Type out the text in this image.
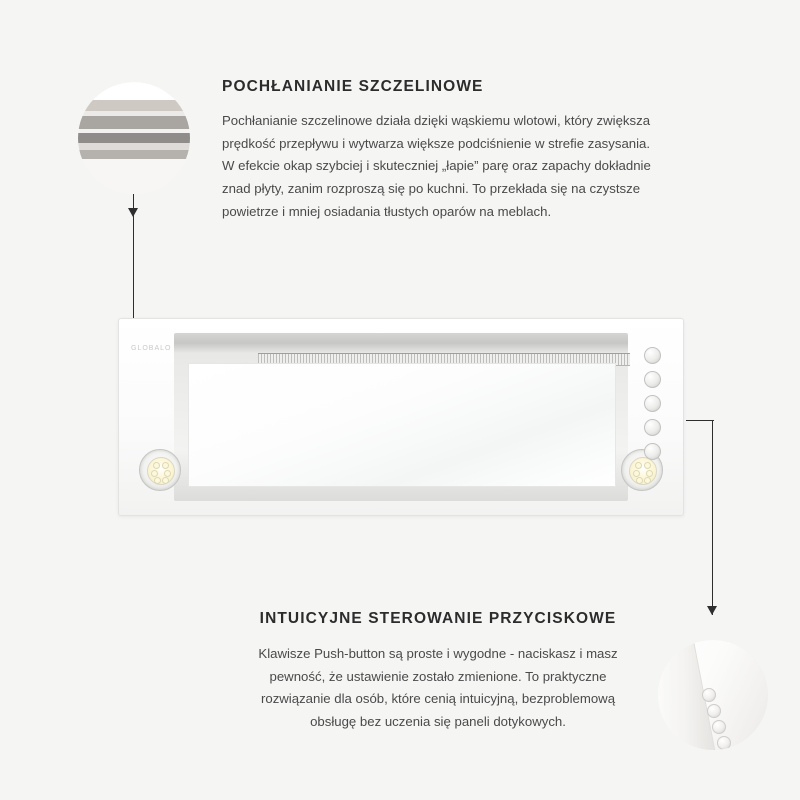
POCHŁANIANIE SZCZELINOWE

Pochłanianie szczelinowe działa dzięki wąskiemu wlotowi, który zwiększa prędkość przepływu i wytwarza większe podciśnienie w strefie zasysania. W efekcie okap szybciej i skuteczniej „łapie” parę oraz zapachy dokładnie znad płyty, zanim rozproszą się po kuchni. To przekłada się na czystsze powietrze i mniej osiadania tłustych oparów na meblach.

GLOBALO
INTUICYJNE STEROWANIE PRZYCISKOWE

Klawisze Push-button są proste i wygodne - naciskasz i masz pewność, że ustawienie zostało zmienione. To praktyczne rozwiązanie dla osób, które cenią intuicyjną, bezproblemową obsługę bez uczenia się paneli dotykowych.
